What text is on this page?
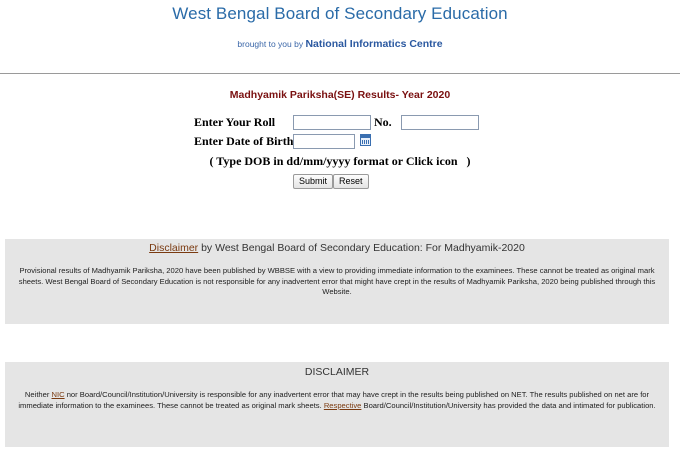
West Bengal Board of Secondary Education
brought to you by National Informatics Centre
Madhyamik Pariksha(SE) Results- Year 2020
Enter Your Roll	No.
Enter Date of Birth
( Type DOB in dd/mm/yyyy format or Click icon   )
Submit	Reset
Disclaimer by West Bengal Board of Secondary Education: For Madhyamik-2020
Provisional results of Madhyamik Pariksha, 2020 have been published by WBBSE with a view to providing immediate information to the examinees. These cannot be treated as original mark sheets. West Bengal Board of Secondary Education is not responsible for any inadvertent error that might have crept in the results of Madhyamik Pariksha, 2020 being published through this Website.
DISCLAIMER
Neither NIC nor Board/Council/Institution/University is responsible for any inadvertent error that may have crept in the results being published on NET. The results published on net are for immediate information to the examinees. These cannot be treated as original mark sheets. Respective Board/Council/Institution/University has provided the data and intimated for publication.
